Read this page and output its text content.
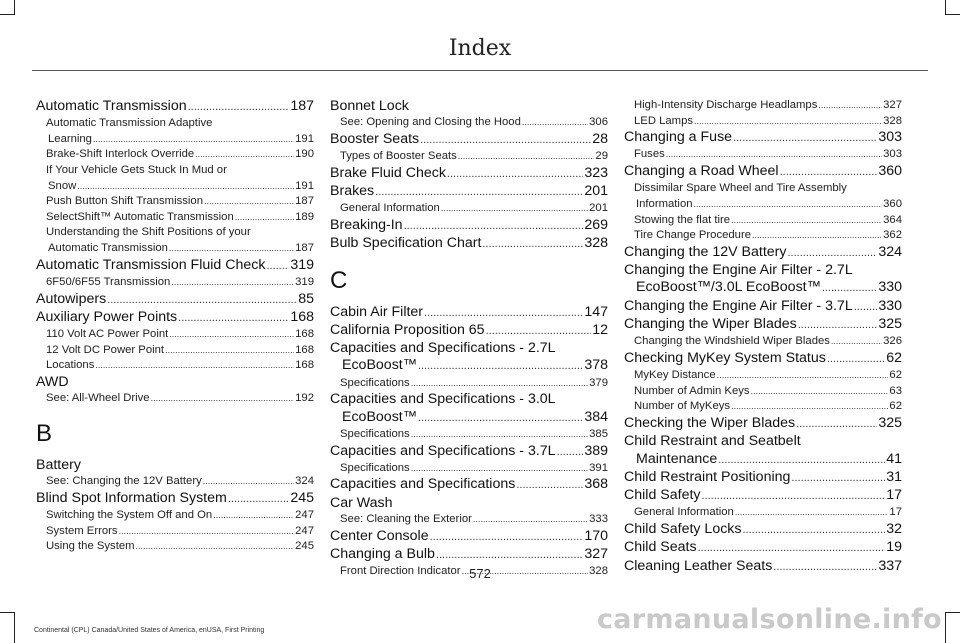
Index
Automatic Transmission .....	187
Automatic Transmission Adaptive
Learning .....	191
Brake-Shift Interlock Override .....	190
If Your Vehicle Gets Stuck In Mud or
Snow .....	191
Push Button Shift Transmission .....	187
SelectShift™ Automatic Transmission .....	189
Understanding the Shift Positions of your
Automatic Transmission .....	187
Automatic Transmission Fluid Check ..... 319
6F50/6F55 Transmission .....	319
Autowipers .....	85
Auxiliary Power Points .....	168
110 Volt AC Power Point .....	168
12 Volt DC Power Point .....	168
Locations .....	168
AWD
See: All-Wheel Drive .....	192
B
Battery
See: Changing the 12V Battery .....	324
Blind Spot Information System .....	245
Switching the System Off and On .....	247
System Errors .....	247
Using the System .....	245
Bonnet Lock
See: Opening and Closing the Hood .....	306
Booster Seats .....	28
Types of Booster Seats .....	29
Brake Fluid Check .....	323
Brakes .....	201
General Information .....	201
Breaking-In .....	269
Bulb Specification Chart .....	328
C
Cabin Air Filter .....	147
California Proposition 65 .....	12
Capacities and Specifications - 2.7L
EcoBoost™ .....	378
Specifications .....	379
Capacities and Specifications - 3.0L
EcoBoost™ .....	384
Specifications .....	385
Capacities and Specifications - 3.7L ..... 389
Specifications .....	391
Capacities and Specifications .....	368
Car Wash
See: Cleaning the Exterior .....	333
Center Console .....	170
Changing a Bulb .....	327
Front Direction Indicator .....	328
High-Intensity Discharge Headlamps .....	327
LED Lamps .....	328
Changing a Fuse .....	303
Fuses .....	303
Changing a Road Wheel .....	360
Dissimilar Spare Wheel and Tire Assembly
Information .....	360
Stowing the flat tire .....	364
Tire Change Procedure .....	362
Changing the 12V Battery .....	324
Changing the Engine Air Filter - 2.7L
EcoBoost™/3.0L EcoBoost™ .....	330
Changing the Engine Air Filter - 3.7L ..... 330
Changing the Wiper Blades .....	325
Changing the Windshield Wiper Blades .....	326
Checking MyKey System Status .....	62
MyKey Distance .....	62
Number of Admin Keys .....	63
Number of MyKeys .....	62
Checking the Wiper Blades .....	325
Child Restraint and Seatbelt
Maintenance .....	41
Child Restraint Positioning .....	31
Child Safety .....	17
General Information .....	17
Child Safety Locks .....	32
Child Seats .....	19
Cleaning Leather Seats .....	337
572
Continental (CPL) Canada/United States of America, enUSA, First Printing	carmanualsonline.info
